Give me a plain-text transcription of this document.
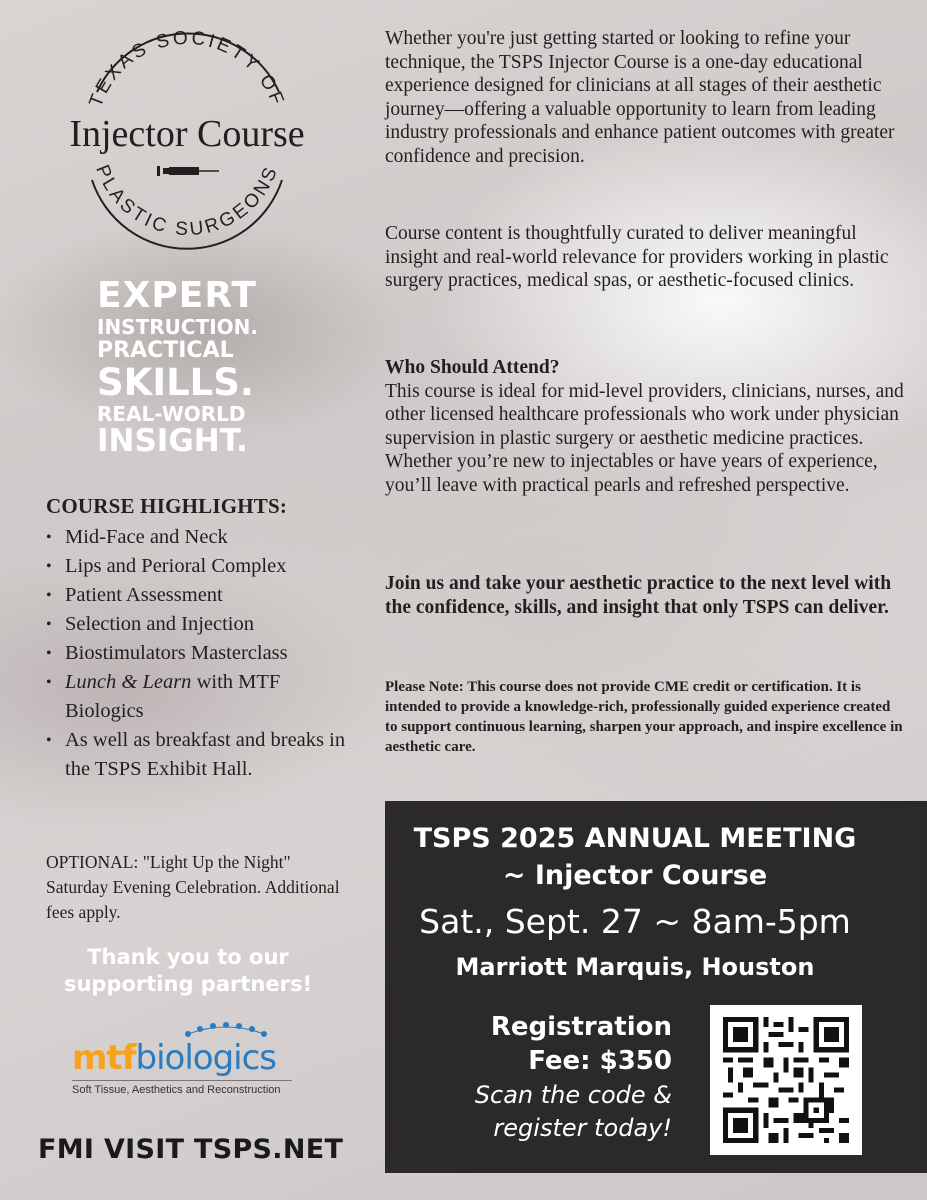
TEXAS SOCIETY OF
PLASTIC SURGEONS
Injector Course
EXPERT
INSTRUCTION.
PRACTICAL
SKILLS.
REAL-WORLD
INSIGHT.
COURSE HIGHLIGHTS:
• Mid-Face and Neck
• Lips and Perioral Complex
• Patient Assessment
• Selection and Injection
• Biostimulators Masterclass
• Lunch & Learn with MTF Biologics
• As well as breakfast and breaks in the TSPS Exhibit Hall.
OPTIONAL: "Light Up the Night" Saturday Evening Celebration. Additional fees apply.
Thank you to our supporting partners!
mtfbiologics
Soft Tissue, Aesthetics and Reconstruction
FMI VISIT TSPS.NET

Whether you're just getting started or looking to refine your technique, the TSPS Injector Course is a one-day educational experience designed for clinicians at all stages of their aesthetic journey—offering a valuable opportunity to learn from leading industry professionals and enhance patient outcomes with greater confidence and precision.

Course content is thoughtfully curated to deliver meaningful insight and real-world relevance for providers working in plastic surgery practices, medical spas, or aesthetic-focused clinics.

Who Should Attend?
This course is ideal for mid-level providers, clinicians, nurses, and other licensed healthcare professionals who work under physician supervision in plastic surgery or aesthetic medicine practices. Whether you’re new to injectables or have years of experience, you’ll leave with practical pearls and refreshed perspective.

Join us and take your aesthetic practice to the next level with the confidence, skills, and insight that only TSPS can deliver.

Please Note: This course does not provide CME credit or certification. It is intended to provide a knowledge-rich, professionally guided experience created to support continuous learning, sharpen your approach, and inspire excellence in aesthetic care.

TSPS 2025 ANNUAL MEETING
~ Injector Course
Sat., Sept. 27 ~ 8am-5pm
Marriott Marquis, Houston
Registration
Fee: $350
Scan the code &
register today!
